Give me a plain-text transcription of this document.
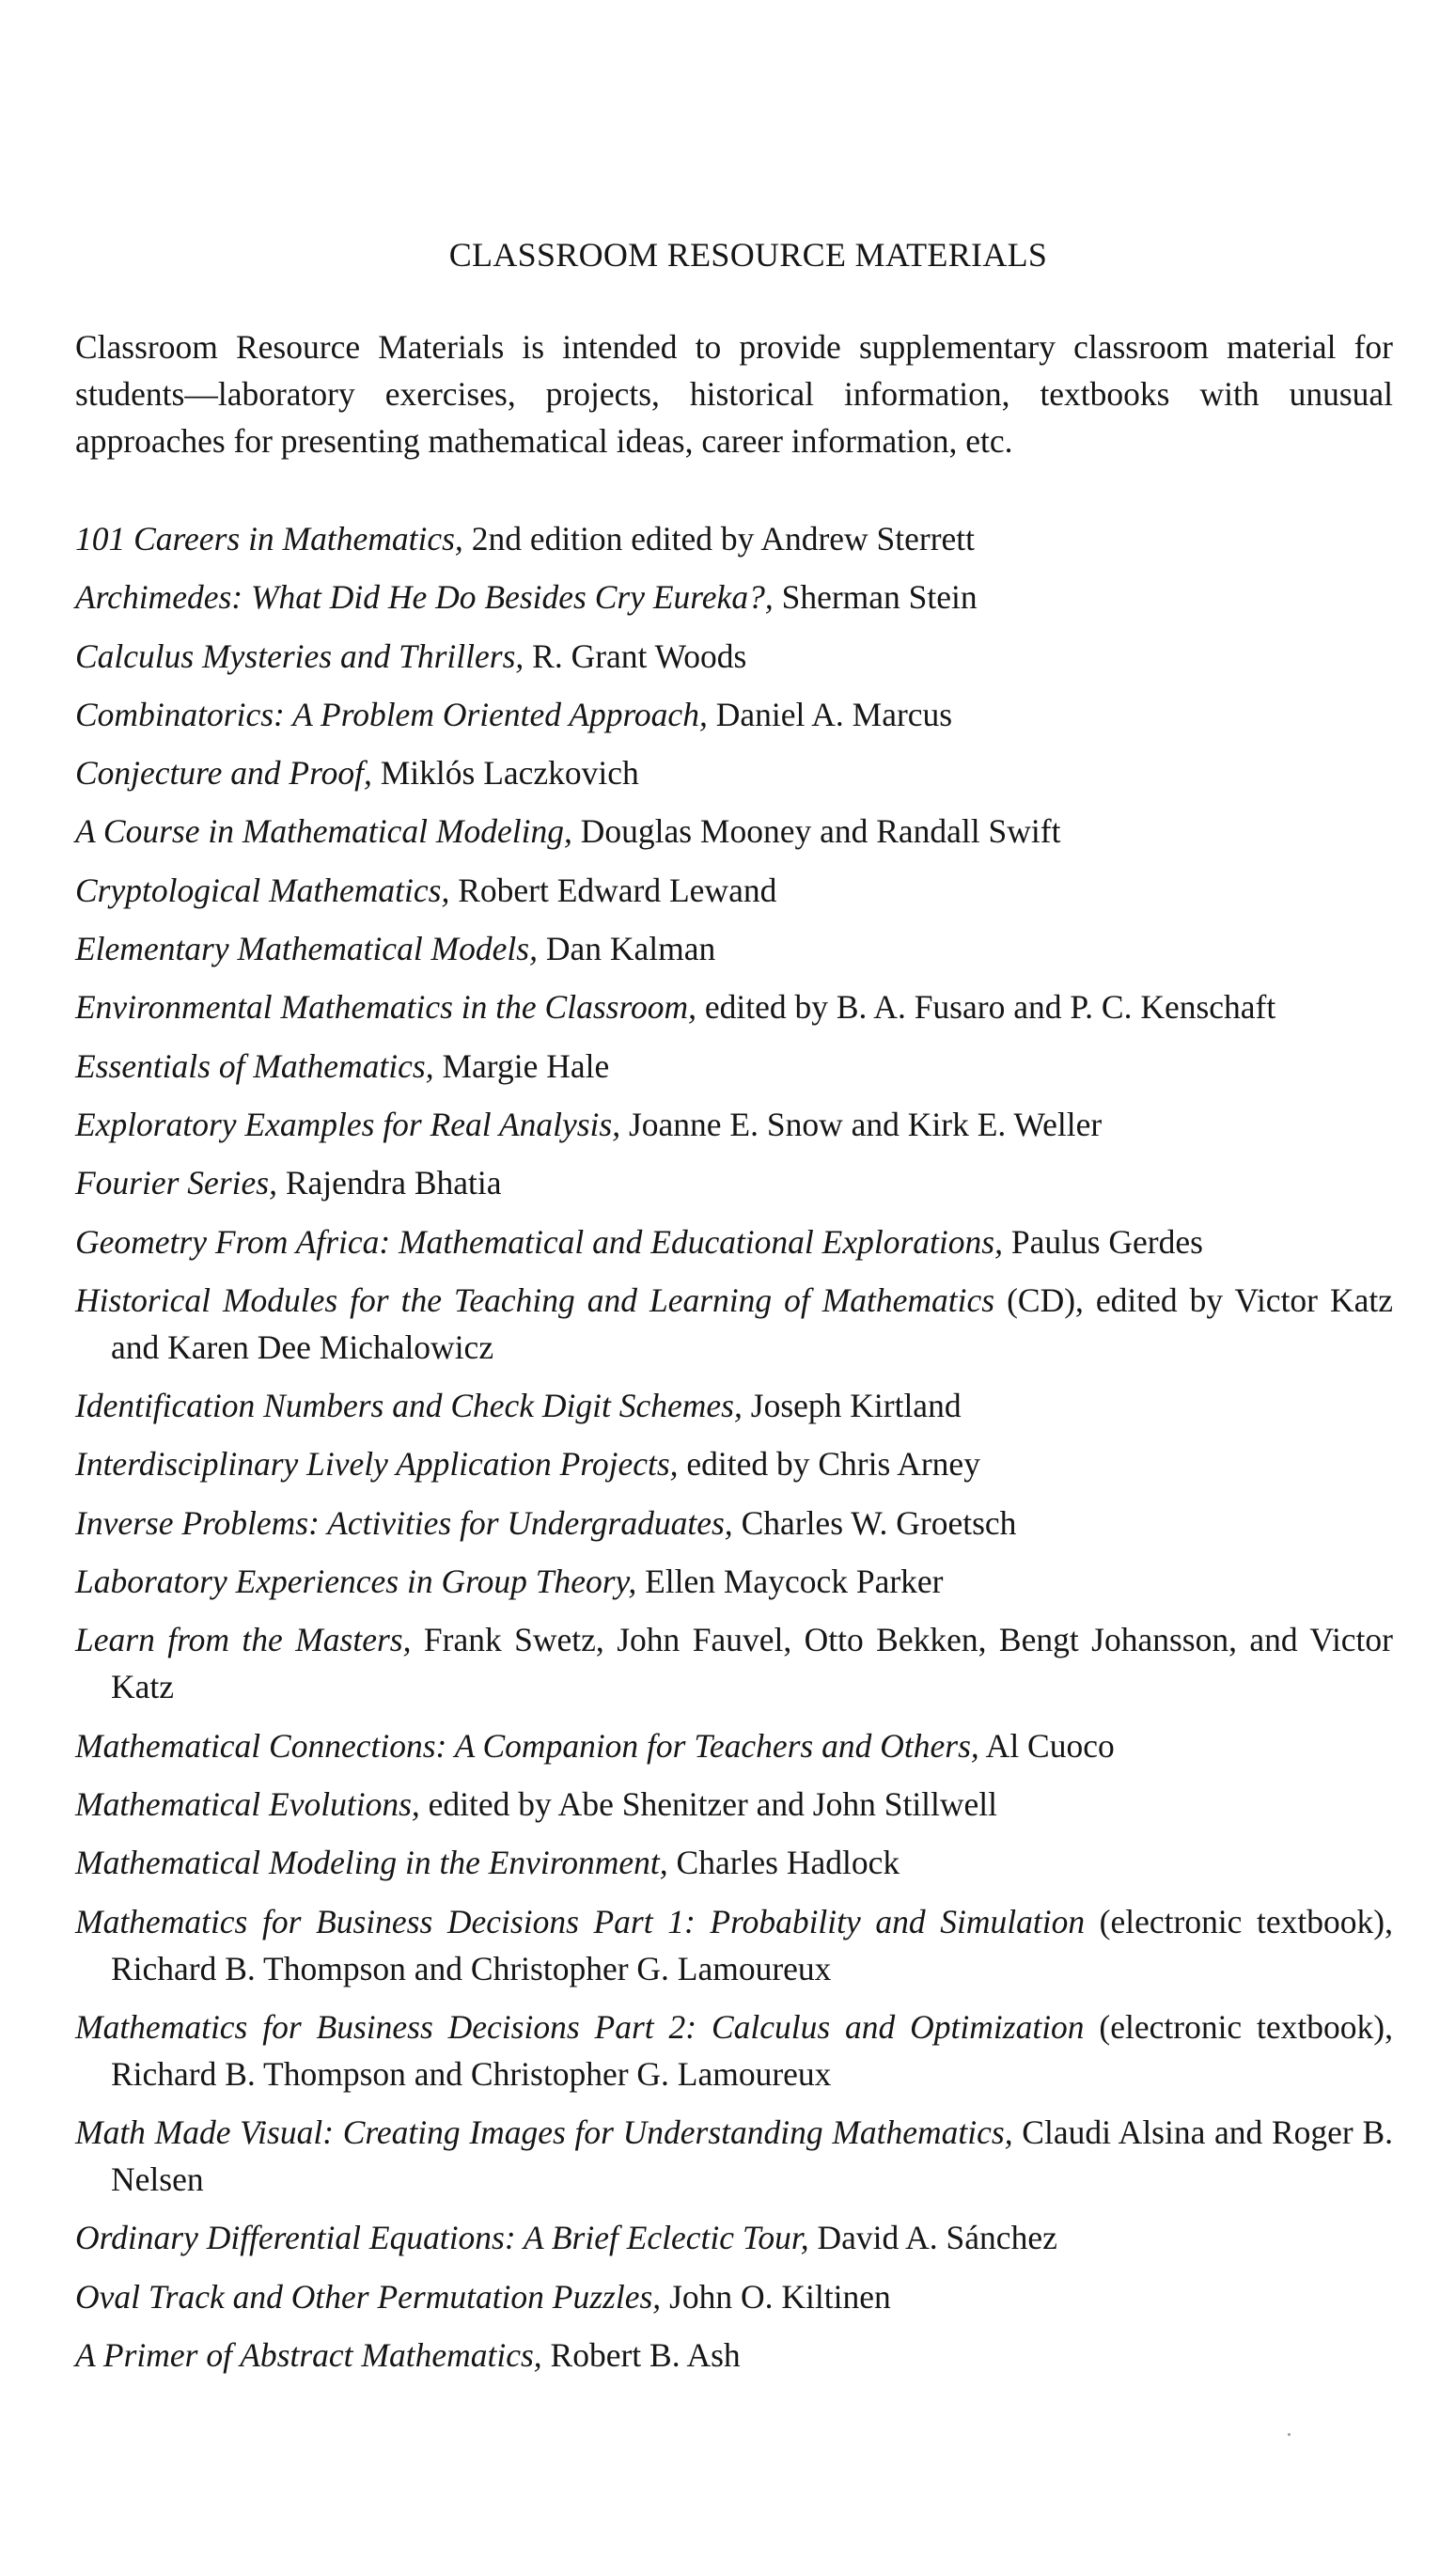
CLASSROOM RESOURCE MATERIALS

Classroom Resource Materials is intended to provide supplementary classroom material for students—laboratory exercises, projects, historical information, textbooks with unusual approaches for presenting mathematical ideas, career information, etc.

101 Careers in Mathematics, 2nd edition edited by Andrew Sterrett
Archimedes: What Did He Do Besides Cry Eureka?, Sherman Stein
Calculus Mysteries and Thrillers, R. Grant Woods
Combinatorics: A Problem Oriented Approach, Daniel A. Marcus
Conjecture and Proof, Miklós Laczkovich
A Course in Mathematical Modeling, Douglas Mooney and Randall Swift
Cryptological Mathematics, Robert Edward Lewand
Elementary Mathematical Models, Dan Kalman
Environmental Mathematics in the Classroom, edited by B. A. Fusaro and P. C. Kenschaft
Essentials of Mathematics, Margie Hale
Exploratory Examples for Real Analysis, Joanne E. Snow and Kirk E. Weller
Fourier Series, Rajendra Bhatia
Geometry From Africa: Mathematical and Educational Explorations, Paulus Gerdes
Historical Modules for the Teaching and Learning of Mathematics (CD), edited by Victor Katz and Karen Dee Michalowicz
Identification Numbers and Check Digit Schemes, Joseph Kirtland
Interdisciplinary Lively Application Projects, edited by Chris Arney
Inverse Problems: Activities for Undergraduates, Charles W. Groetsch
Laboratory Experiences in Group Theory, Ellen Maycock Parker
Learn from the Masters, Frank Swetz, John Fauvel, Otto Bekken, Bengt Johansson, and Victor Katz
Mathematical Connections: A Companion for Teachers and Others, Al Cuoco
Mathematical Evolutions, edited by Abe Shenitzer and John Stillwell
Mathematical Modeling in the Environment, Charles Hadlock
Mathematics for Business Decisions Part 1: Probability and Simulation (electronic textbook), Richard B. Thompson and Christopher G. Lamoureux
Mathematics for Business Decisions Part 2: Calculus and Optimization (electronic textbook), Richard B. Thompson and Christopher G. Lamoureux
Math Made Visual: Creating Images for Understanding Mathematics, Claudi Alsina and Roger B. Nelsen
Ordinary Differential Equations: A Brief Eclectic Tour, David A. Sánchez
Oval Track and Other Permutation Puzzles, John O. Kiltinen
A Primer of Abstract Mathematics, Robert B. Ash
